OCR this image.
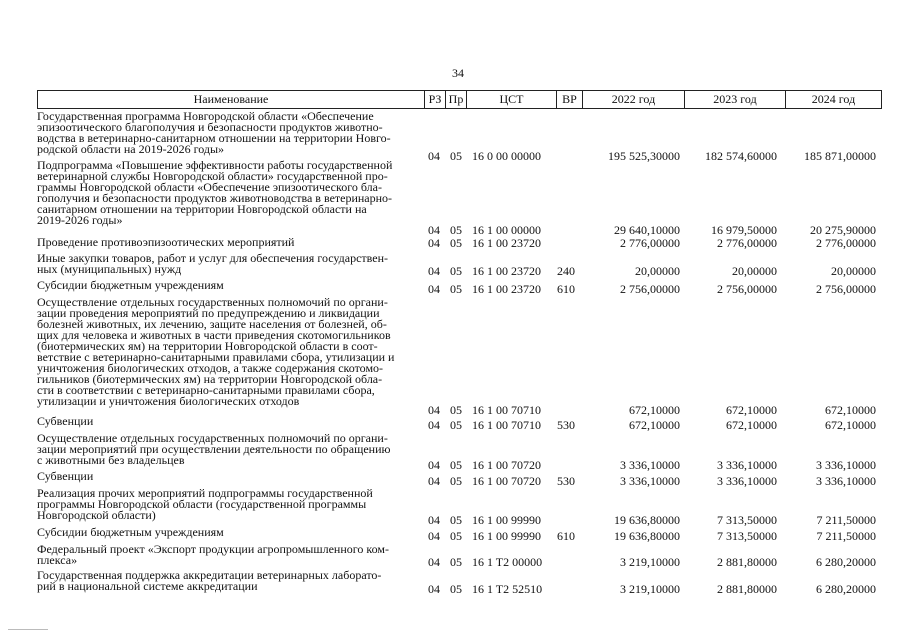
34
Наименование	РЗ Пр	ЦСТ	ВР	2022 год	2023 год	2024 год
Государственная программа Новгородской области «Обеспечение
эпизоотического благополучия и безопасности продуктов животно-
водства в ветеринарно-санитарном отношении на территории Новго-
родской области на 2019-2026 годы»	04 05 16 0 00 00000	195 525,30000	182 574,60000	185 871,00000
Подпрограмма «Повышение эффективности работы государственной
ветеринарной службы Новгородской области» государственной про-
граммы Новгородской области «Обеспечение эпизоотического бла-
гополучия и безопасности продуктов животноводства в ветеринарно-
санитарном отношении на территории Новгородской области на
2019-2026 годы»
04 05 16 1 00 00000	29 640,10000	16 979,50000	20 275,90000
Проведение противоэпизоотических мероприятий	04 05 16 1 00 23720	2 776,00000	2 776,00000	2 776,00000
Иные закупки товаров, работ и услуг для обеспечения государствен-
ных (муниципальных) нужд	04 05 16 1 00 23720	240	20,00000	20,00000	20,00000
Субсидии бюджетным учреждениям	04 05 16 1 00 23720	610	2 756,00000	2 756,00000	2 756,00000
Осуществление отдельных государственных полномочий по органи-
зации проведения мероприятий по предупреждению и ликвидации
болезней животных, их лечению, защите населения от болезней, об-
щих для человека и животных в части приведения скотомогильников
(биотермических ям) на территории Новгородской области в соот-
ветствие с ветеринарно-санитарными правилами сбора, утилизации и
уничтожения биологических отходов, а также содержания скотомо-
гильников (биотермических ям) на территории Новгородской обла-
сти в соответствии с ветеринарно-санитарными правилами сбора,
утилизации и уничтожения биологических отходов
04 05 16 1 00 70710	672,10000	672,10000	672,10000
Субвенции	04 05 16 1 00 70710	530	672,10000	672,10000	672,10000
Осуществление отдельных государственных полномочий по органи-
зации мероприятий при осуществлении деятельности по обращению
с животными без владельцев	04 05 16 1 00 70720	3 336,10000	3 336,10000	3 336,10000
Субвенции	04 05 16 1 00 70720	530	3 336,10000	3 336,10000	3 336,10000
Реализация прочих мероприятий подпрограммы государственной
программы Новгородской области (государственной программы
Новгородской области)	04 05 16 1 00 99990	19 636,80000	7 313,50000	7 211,50000
Субсидии бюджетным учреждениям	04 05 16 1 00 99990	610	19 636,80000	7 313,50000	7 211,50000
Федеральный проект «Экспорт продукции агропромышленного ком-
плекса»	04 05 16 1 T2 00000	3 219,10000	2 881,80000	6 280,20000
Государственная поддержка аккредитации ветеринарных лаборато-
рий в национальной системе аккредитации	04 05 16 1 T2 52510	3 219,10000	2 881,80000	6 280,20000
